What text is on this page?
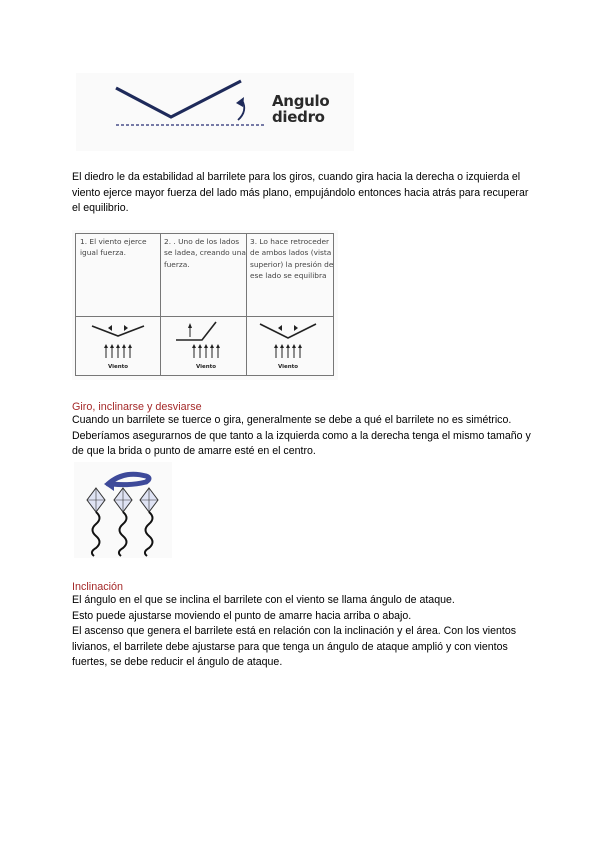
Angulo
diedro
El diedro le da estabilidad al barrilete para los giros, cuando gira hacia la derecha o izquierda el viento ejerce mayor fuerza del lado más plano, empujándolo entonces hacia atrás para recuperar el equilibrio.
1. El viento ejerce igual fuerza.
2. . Uno de los lados se ladea, creando una fuerza.
3. Lo hace retroceder de ambos lados (vista superior) la presión de ese lado se equilibra
Viento	Viento	Viento
Giro, inclinarse y desviarse
Cuando un barrilete se tuerce o gira, generalmente se debe a qué el barrilete no es simétrico. Deberíamos asegurarnos de que tanto a la izquierda como a la derecha tenga el mismo tamaño y de que la brida o punto de amarre esté en el centro.
Inclinación
El ángulo en el que se inclina el barrilete con el viento se llama ángulo de ataque.
Esto puede ajustarse moviendo el punto de amarre hacia arriba o abajo.
El ascenso que genera el barrilete está en relación con la inclinación y el área. Con los vientos livianos, el barrilete debe ajustarse para que tenga un ángulo de ataque amplió y con vientos fuertes, se debe reducir el ángulo de ataque.
